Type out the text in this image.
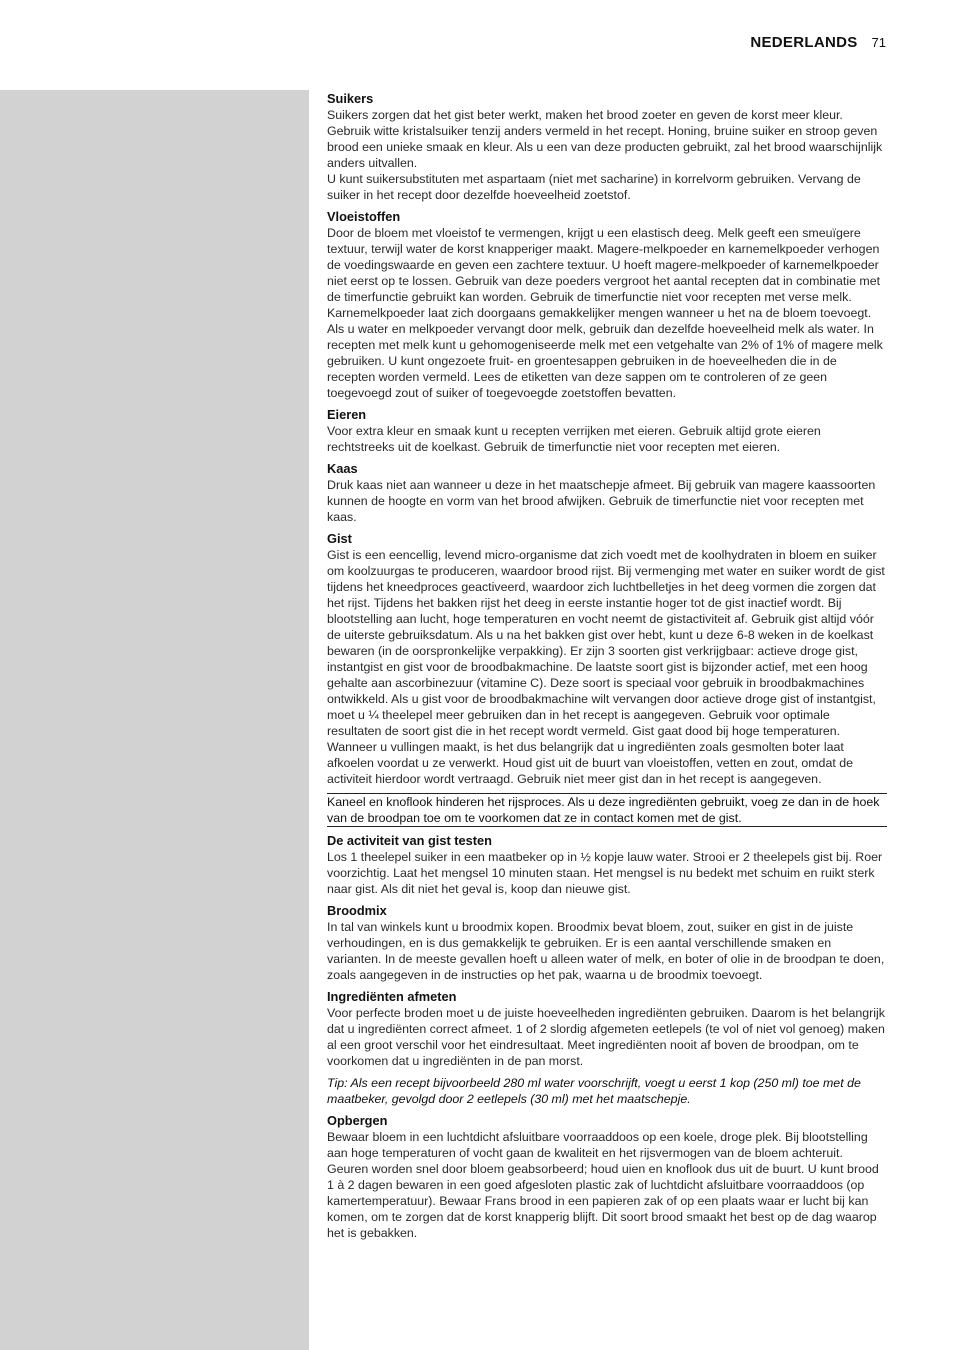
NEDERLANDS 71
Suikers

Suikers zorgen dat het gist beter werkt, maken het brood zoeter en geven de korst meer kleur. Gebruik witte kristalsuiker tenzij anders vermeld in het recept. Honing, bruine suiker en stroop geven brood een unieke smaak en kleur. Als u een van deze producten gebruikt, zal het brood waarschijnlijk anders uitvallen.

U kunt suikersubstituten met aspartaam (niet met sacharine) in korrelvorm gebruiken. Vervang de suiker in het recept door dezelfde hoeveelheid zoetstof.

Vloeistoffen

Door de bloem met vloeistof te vermengen, krijgt u een elastisch deeg. Melk geeft een smeuïgere textuur, terwijl water de korst knapperiger maakt. Magere-melkpoeder en karnemelkpoeder verhogen de voedingswaarde en geven een zachtere textuur. U hoeft magere-melkpoeder of karnemelkpoeder niet eerst op te lossen. Gebruik van deze poeders vergroot het aantal recepten dat in combinatie met de timerfunctie gebruikt kan worden. Gebruik de timerfunctie niet voor recepten met verse melk. Karnemelkpoeder laat zich doorgaans gemakkelijker mengen wanneer u het na de bloem toevoegt.

Als u water en melkpoeder vervangt door melk, gebruik dan dezelfde hoeveelheid melk als water. In recepten met melk kunt u gehomogeniseerde melk met een vetgehalte van 2% of 1% of magere melk gebruiken. U kunt ongezoete fruit- en groentesappen gebruiken in de hoeveelheden die in de recepten worden vermeld. Lees de etiketten van deze sappen om te controleren of ze geen toegevoegd zout of suiker of toegevoegde zoetstoffen bevatten.

Eieren

Voor extra kleur en smaak kunt u recepten verrijken met eieren. Gebruik altijd grote eieren rechtstreeks uit de koelkast. Gebruik de timerfunctie niet voor recepten met eieren.

Kaas

Druk kaas niet aan wanneer u deze in het maatschepje afmeet. Bij gebruik van magere kaassoorten kunnen de hoogte en vorm van het brood afwijken. Gebruik de timerfunctie niet voor recepten met kaas.

Gist

Gist is een eencellig, levend micro-organisme dat zich voedt met de koolhydraten in bloem en suiker om koolzuurgas te produceren, waardoor brood rijst. Bij vermenging met water en suiker wordt de gist tijdens het kneedproces geactiveerd, waardoor zich luchtbelletjes in het deeg vormen die zorgen dat het rijst. Tijdens het bakken rijst het deeg in eerste instantie hoger tot de gist inactief wordt. Bij blootstelling aan lucht, hoge temperaturen en vocht neemt de gistactiviteit af. Gebruik gist altijd vóór de uiterste gebruiksdatum. Als u na het bakken gist over hebt, kunt u deze 6-8 weken in de koelkast bewaren (in de oorspronkelijke verpakking). Er zijn 3 soorten gist verkrijgbaar: actieve droge gist, instantgist en gist voor de broodbakmachine. De laatste soort gist is bijzonder actief, met een hoog gehalte aan ascorbinezuur (vitamine C). Deze soort is speciaal voor gebruik in broodbakmachines ontwikkeld. Als u gist voor de broodbakmachine wilt vervangen door actieve droge gist of instantgist, moet u ¼ theelepel meer gebruiken dan in het recept is aangegeven. Gebruik voor optimale resultaten de soort gist die in het recept wordt vermeld. Gist gaat dood bij hoge temperaturen. Wanneer u vullingen maakt, is het dus belangrijk dat u ingrediënten zoals gesmolten boter laat afkoelen voordat u ze verwerkt. Houd gist uit de buurt van vloeistoffen, vetten en zout, omdat de activiteit hierdoor wordt vertraagd. Gebruik niet meer gist dan in het recept is aangegeven.

Kaneel en knoflook hinderen het rijsproces. Als u deze ingrediënten gebruikt, voeg ze dan in de hoek van de broodpan toe om te voorkomen dat ze in contact komen met de gist.
De activiteit van gist testen

Los 1 theelepel suiker in een maatbeker op in ½ kopje lauw water. Strooi er 2 theelepels gist bij. Roer voorzichtig. Laat het mengsel 10 minuten staan. Het mengsel is nu bedekt met schuim en ruikt sterk naar gist. Als dit niet het geval is, koop dan nieuwe gist.

Broodmix

In tal van winkels kunt u broodmix kopen. Broodmix bevat bloem, zout, suiker en gist in de juiste verhoudingen, en is dus gemakkelijk te gebruiken. Er is een aantal verschillende smaken en varianten. In de meeste gevallen hoeft u alleen water of melk, en boter of olie in de broodpan te doen, zoals aangegeven in de instructies op het pak, waarna u de broodmix toevoegt.

Ingrediënten afmeten

Voor perfecte broden moet u de juiste hoeveelheden ingrediënten gebruiken. Daarom is het belangrijk dat u ingrediënten correct afmeet. 1 of 2 slordig afgemeten eetlepels (te vol of niet vol genoeg) maken al een groot verschil voor het eindresultaat. Meet ingrediënten nooit af boven de broodpan, om te voorkomen dat u ingrediënten in de pan morst.

Tip: Als een recept bijvoorbeeld 280 ml water voorschrijft, voegt u eerst 1 kop (250 ml) toe met de maatbeker, gevolgd door 2 eetlepels (30 ml) met het maatschepje.

Opbergen

Bewaar bloem in een luchtdicht afsluitbare voorraaddoos op een koele, droge plek. Bij blootstelling aan hoge temperaturen of vocht gaan de kwaliteit en het rijsvermogen van de bloem achteruit. Geuren worden snel door bloem geabsorbeerd; houd uien en knoflook dus uit de buurt. U kunt brood 1 à 2 dagen bewaren in een goed afgesloten plastic zak of luchtdicht afsluitbare voorraaddoos (op kamertemperatuur). Bewaar Frans brood in een papieren zak of op een plaats waar er lucht bij kan komen, om te zorgen dat de korst knapperig blijft. Dit soort brood smaakt het best op de dag waarop het is gebakken.
